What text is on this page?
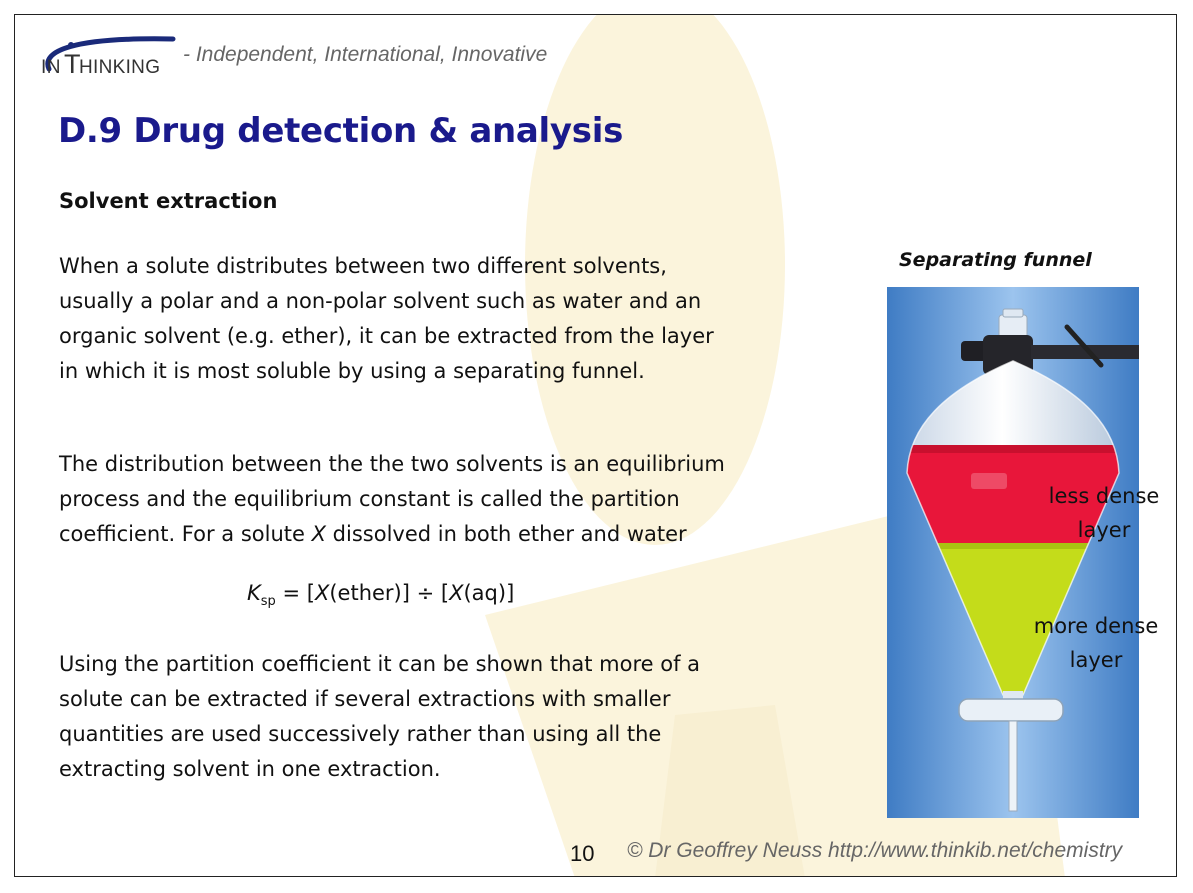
IN T
HINKING
- Independent, International, Innovative
D.9 Drug detection & analysis
Solvent extraction

When a solute distributes between two different solvents,
usually a polar and a non-polar solvent such as water and an
organic solvent (e.g. ether), it can be extracted from the layer
in which it is most soluble by using a separating funnel.

The distribution between the the two solvents is an equilibrium
process and the equilibrium constant is called the partition
coefficient. For a solute X dissolved in both ether and water

$K_{sp}$ = [X(ether)] ÷ [X(aq)]

Using the partition coefficient it can be shown that more of a
solute can be extracted if several extractions with smaller
quantities are used successively rather than using all the
extracting solvent in one extraction.

Separating funnel
less dense
layer
more dense
layer
10 © Dr Geoffrey Neuss http://www.thinkib.net/chemistry
